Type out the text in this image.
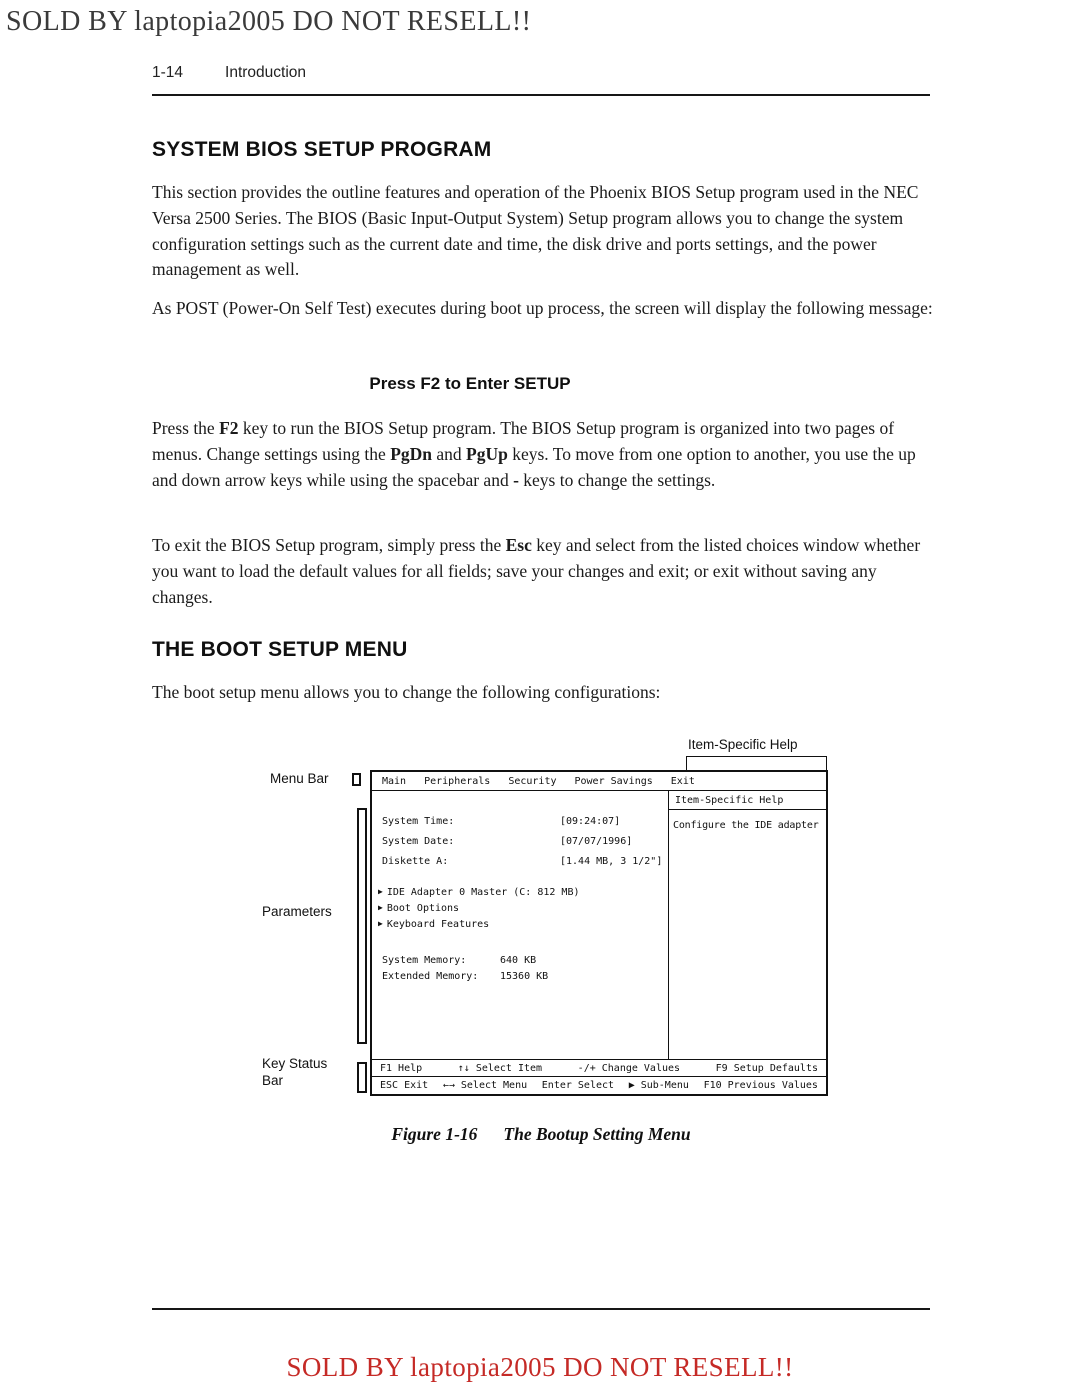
SOLD BY laptopia2005 DO NOT RESELL!!
1-14	Introduction
SYSTEM BIOS SETUP PROGRAM

This section provides the outline features and operation of the Phoenix BIOS Setup program used in the NEC Versa 2500 Series. The BIOS (Basic Input-Output System) Setup program allows you to change the system configuration settings such as the current date and time, the disk drive and ports settings, and the power management as well.

As POST (Power-On Self Test) executes during boot up process, the screen will display the following message:

Press F2 to Enter SETUP

Press the F2 key to run the BIOS Setup program. The BIOS Setup program is organized into two pages of menus. Change settings using the PgDn and PgUp keys. To move from one option to another, you use the up and down arrow keys while using the spacebar and - keys to change the settings.

To exit the BIOS Setup program, simply press the Esc key and select from the listed choices window whether you want to load the default values for all fields; save your changes and exit; or exit without saving any changes.

THE BOOT SETUP MENU

The boot setup menu allows you to change the following configurations:

Item-Specific Help
Menu Bar
Parameters
Key Status
Bar
Main Peripherals Security Power Savings Exit
System Time:	[09:24:07]
System Date:	[07/07/1996]
Diskette A:	[1.44 MB, 3 1/2"]
▶ IDE Adapter 0 Master (C: 812 MB)
▶ Boot Options
▶ Keyboard Features
System Memory:	640 KB
Extended Memory:	15360 KB
Item-Specific Help
Configure the IDE adapter
F1 Help	↑↓ Select Item	-/+ Change Values	F9 Setup Defaults
ESC Exit ←→ Select Menu Enter Select ▶ Sub-Menu F10 Previous Values
Figure 1-16 The Bootup Setting Menu
SOLD BY laptopia2005 DO NOT RESELL!!
